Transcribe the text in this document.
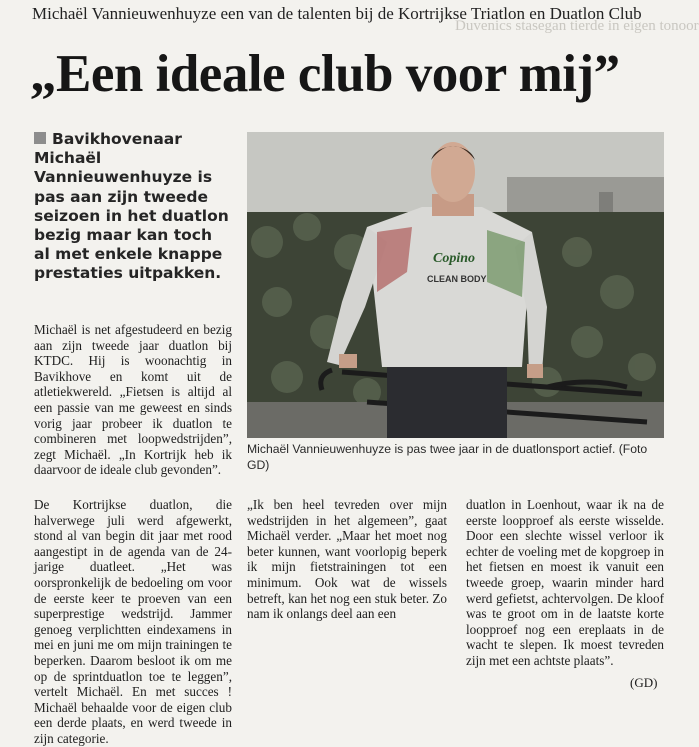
Michaël Vannieuwenhuyze een van de talenten bij de Kortrijkse Triatlon en Duatlon Club
Duvenics stasegan tierde in eigen tonoor
„Een ideale club voor mij”
Bavikhovenaar Michaël Vannieuwenhuyze is pas aan zijn tweede seizoen in het duatlon bezig maar kan toch al met enkele knappe prestaties uitpakken.

Michaël is net afgestudeerd en bezig aan zijn tweede jaar duatlon bij KTDC. Hij is woonachtig in Bavikhove en komt uit de atletiekwereld. „Fietsen is altijd al een passie van me geweest en sinds vorig jaar probeer ik duatlon te combineren met loopwedstrijden”, zegt Michaël. „In Kortrijk heb ik daarvoor de ideale club gevonden”.

De Kortrijkse duatlon, die halverwege juli werd afgewerkt, stond al van begin dit jaar met rood aangestipt in de agenda van de 24-jarige duatleet. „Het was oorspronkelijk de bedoeling om voor de eerste keer te proeven van een superprestige wedstrijd. Jammer genoeg verplichtten eindexamens in mei en juni me om mijn trainingen te beperken. Daarom besloot ik om me op de sprintduatlon toe te leggen”, vertelt Michaël. En met succes ! Michaël behaalde voor de eigen club een derde plaats, en werd tweede in zijn categorie.

„Ik ben heel tevreden over mijn wedstrijden in het algemeen”, gaat Michaël verder. „Maar het moet nog beter kunnen, want voorlopig beperk ik mijn fietstrainingen tot een minimum. Ook wat de wissels betreft, kan het nog een stuk beter. Zo nam ik onlangs deel aan een

duatlon in Loenhout, waar ik na de eerste loopproef als eerste wisselde. Door een slechte wissel verloor ik echter de voeling met de kopgroep in het fietsen en moest ik vanuit een tweede groep, waarin minder hard werd gefietst, achtervolgen. De kloof was te groot om in de laatste korte loopproef nog een ereplaats in de wacht te slepen. Ik moest tevreden zijn met een achtste plaats”.

(GD)
Copino
CLEAN BODY
Michaël Vannieuwenhuyze is pas twee jaar in de duatlonsport actief. (Foto GD)
